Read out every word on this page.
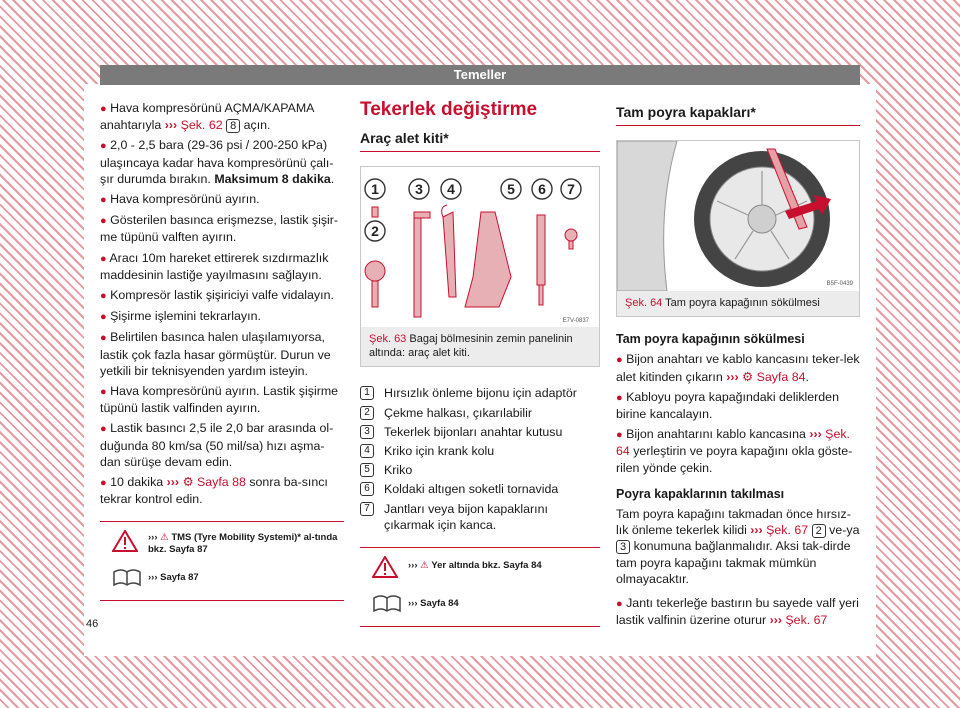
Temeller
● Hava kompresörünü AÇMA/KAPAMA anahtarıyla ››› Şek. 62 8 açın.
● 2,0 - 2,5 bara (29-36 psi / 200-250 kPa) ulaşıncaya kadar hava kompresörünü çalı-şır durumda bırakın. Maksimum 8 dakika.
● Hava kompresörünü ayırın.
● Gösterilen basınca erişmezse, lastik şişir-me tüpünü valften ayırın.
● Aracı 10m hareket ettirerek sızdırmazlık maddesinin lastiğe yayılmasını sağlayın.
● Kompresör lastik şişiriciyi valfe vidalayın.
● Şişirme işlemini tekrarlayın.
● Belirtilen basınca halen ulaşılamıyorsa, lastik çok fazla hasar görmüştür. Durun ve yetkili bir teknisyenden yardım isteyin.
● Hava kompresörünü ayırın. Lastik şişirme tüpünü lastik valfinden ayırın.
● Lastik basıncı 2,5 ile 2,0 bar arasında ol-duğunda 80 km/sa (50 mil/sa) hızı aşma-dan sürüşe devam edin.
● 10 dakika ››› ⚙ Sayfa 88 sonra ba-sıncı tekrar kontrol edin.
››› ⚠ TMS (Tyre Mobility Systemi)* al-tında bkz. Sayfa 87
››› Sayfa 87
Tekerlek değiştirme
Araç alet kiti*
1
2
3 4	5 6 7
E7V-0837
Şek. 63 Bagaj bölmesinin zemin panelinin altında: araç alet kiti.
1	Hırsızlık önleme bijonu için adaptör
2	Çekme halkası, çıkarılabilir
3	Tekerlek bijonları anahtar kutusu
4	Kriko için krank kolu
5	Kriko
6	Koldaki altıgen soketli tornavida
7	Jantları veya bijon kapaklarını çıkarmak için kanca.
››› ⚠ Yer altında bkz. Sayfa 84
››› Sayfa 84
Tam poyra kapakları*
B5F-0439
Şek. 64 Tam poyra kapağının sökülmesi
Tam poyra kapağının sökülmesi
● Bijon anahtarı ve kablo kancasını teker-lek alet kitinden çıkarın ››› ⚙ Sayfa 84.
● Kabloyu poyra kapağındaki deliklerden birine kancalayın.
● Bijon anahtarını kablo kancasına ››› Şek. 64 yerleştirin ve poyra kapağını okla göste-rilen yönde çekin.
Poyra kapaklarının takılması
Tam poyra kapağını takmadan önce hırsız-lık önleme tekerlek kilidi ››› Şek. 67 2 ve-ya 3 konumuna bağlanmalıdır. Aksi tak-dirde tam poyra kapağını takmak mümkün olmayacaktır.
● Jantı tekerleğe bastırın bu sayede valf yeri lastik valfinin üzerine oturur ››› Şek. 67
46
